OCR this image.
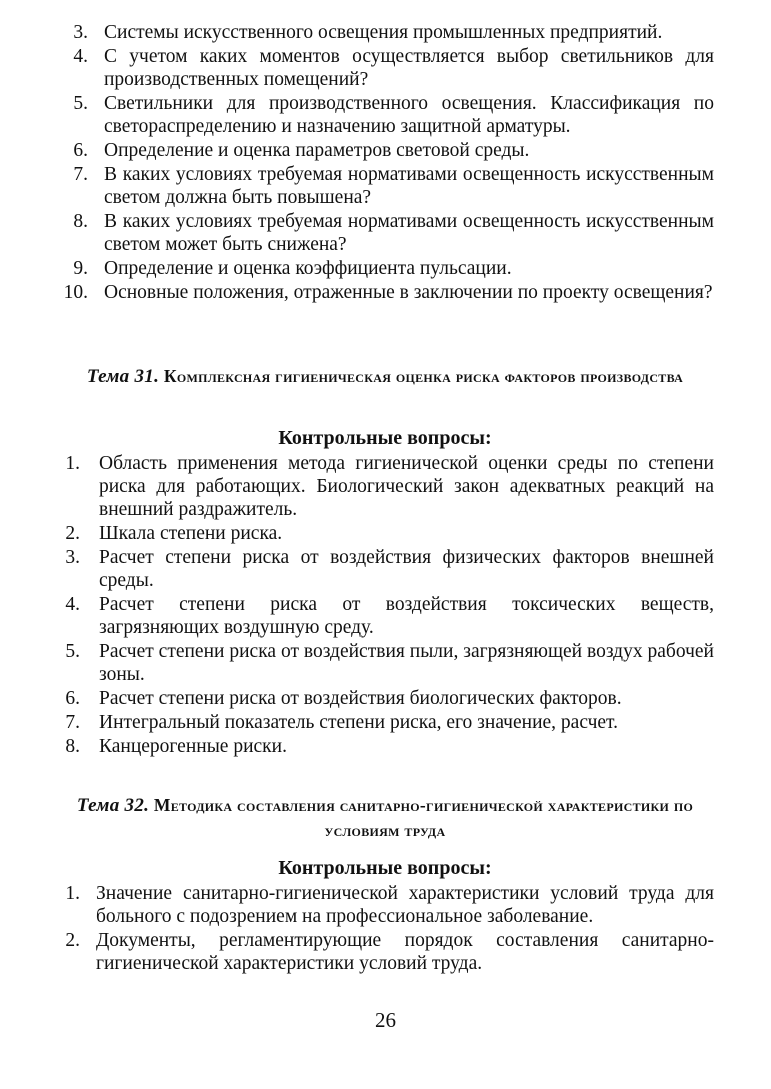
3. Системы искусственного освещения промышленных предприятий.
4. С учетом каких моментов осуществляется выбор светильников для производственных помещений?
5. Светильники для производственного освещения. Классификация по светораспределению и назначению защитной арматуры.
6. Определение и оценка параметров световой среды.
7. В каких условиях требуемая нормативами освещенность искусственным светом должна быть повышена?
8. В каких условиях требуемая нормативами освещенность искусственным светом может быть снижена?
9. Определение и оценка коэффициента пульсации.
10. Основные положения, отраженные в заключении по проекту освещения?
Тема 31. Комплексная гигиеническая оценка риска факторов производства
Контрольные вопросы:
1. Область применения метода гигиенической оценки среды по степени риска для работающих. Биологический закон адекватных реакций на внешний раздражитель.
2. Шкала степени риска.
3. Расчет степени риска от воздействия физических факторов внешней среды.
4. Расчет степени риска от воздействия токсических веществ, загрязняющих воздушную среду.
5. Расчет степени риска от воздействия пыли, загрязняющей воздух рабочей зоны.
6. Расчет степени риска от воздействия биологических факторов.
7. Интегральный показатель степени риска, его значение, расчет.
8. Канцерогенные риски.
Тема 32. Методика составления санитарно-гигиенической характеристики по условиям труда
Контрольные вопросы:
1. Значение санитарно-гигиенической характеристики условий труда для больного с подозрением на профессиональное заболевание.
2. Документы, регламентирующие порядок составления санитарно-гигиенической характеристики условий труда.
26
